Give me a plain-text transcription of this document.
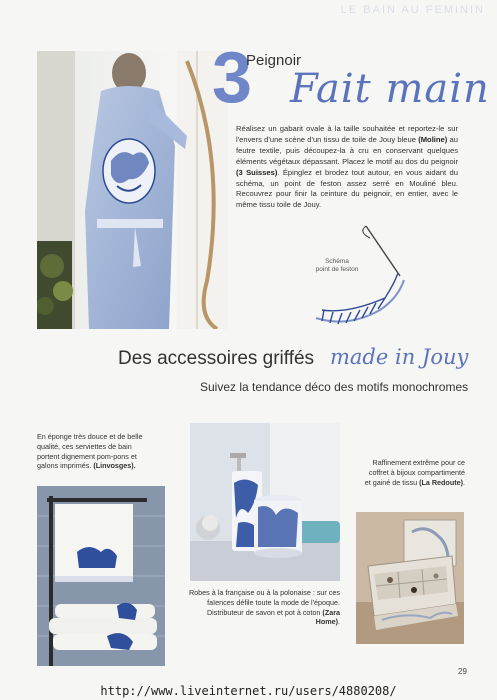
LE BAIN AU FEMININ
3
Peignoir
Fait main
Réalisez un gabarit ovale à la taille souhaitée et reportez-le sur l'envers d'une scène d'un tissu de toile de Jouy bleue (Moline) au feutre textile, puis découpez-la à cru en conservant quelques éléments végétaux dépassant. Placez le motif au dos du peignoir (3 Suisses). Épinglez et brodez tout autour, en vous aidant du schéma, un point de feston assez serré en Mouliné bleu. Recouvrez pour finir la ceinture du peignoir, en entier, avec le même tissu toile de Jouy.
Schéma
point de feston
Des accessoires griffés made in Jouy
Suivez la tendance déco des motifs monochromes
En éponge très douce et de belle qualité, ces serviettes de bain portent dignement pom-pons et galons imprimés. (Linvosges).
Robes à la française ou à la polonaise : sur ces faïences défile toute la mode de l'époque. Distributeur de savon et pot à coton (Zara Home).
Raffinement extrême pour ce coffret à bijoux compartimenté et gainé de tissu (La Redoute).
29
http://www.liveinternet.ru/users/4880208/
